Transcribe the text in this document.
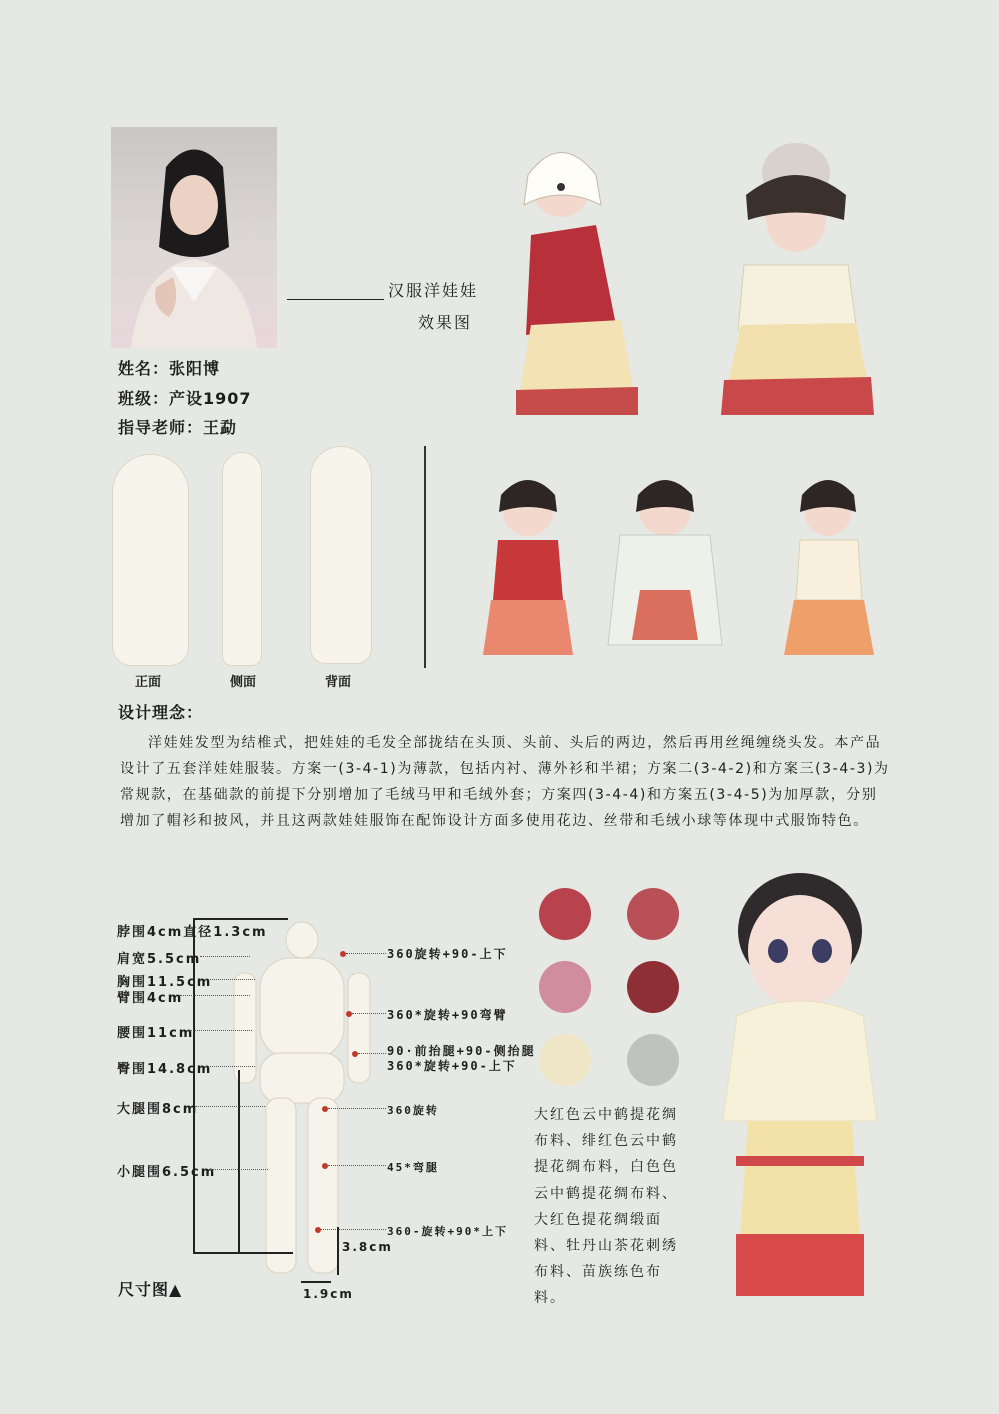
姓名：张阳博
班级：产设1907
指导老师：王勐
汉服洋娃娃
效果图
正面	侧面	背面
设计理念：
洋娃娃发型为结椎式，把娃娃的毛发全部拢结在头顶、头前、头后的两边，然后再用丝绳缠绕头发。本产品设计了五套洋娃娃服装。方案一(3-4-1)为薄款，包括内衬、薄外衫和半裙；方案二(3-4-2)和方案三(3-4-3)为常规款，在基础款的前提下分别增加了毛绒马甲和毛绒外套；方案四(3-4-4)和方案五(3-4-5)为加厚款，分别增加了帽衫和披风，并且这两款娃娃服饰在配饰设计方面多使用花边、丝带和毛绒小球等体现中式服饰特色。
脖围4cm直径1.3cm
肩宽5.5cm
胸围11.5cm
臂围4cm
腰围11cm
臀围14.8cm
大腿围8cm
小腿围6.5cm
360旋转+90-上下
360*旋转+90弯臂
90·前抬腿+90-侧抬腿
360*旋转+90-上下
360旋转
45*弯腿
360-旋转+90*上下
3.8cm
1.9cm
尺寸图▲
大红色云中鹤提花绸布料、绯红色云中鹤提花绸布料，白色色云中鹤提花绸布料、大红色提花绸缎面料、牡丹山茶花刺绣布料、苗族练色布料。
